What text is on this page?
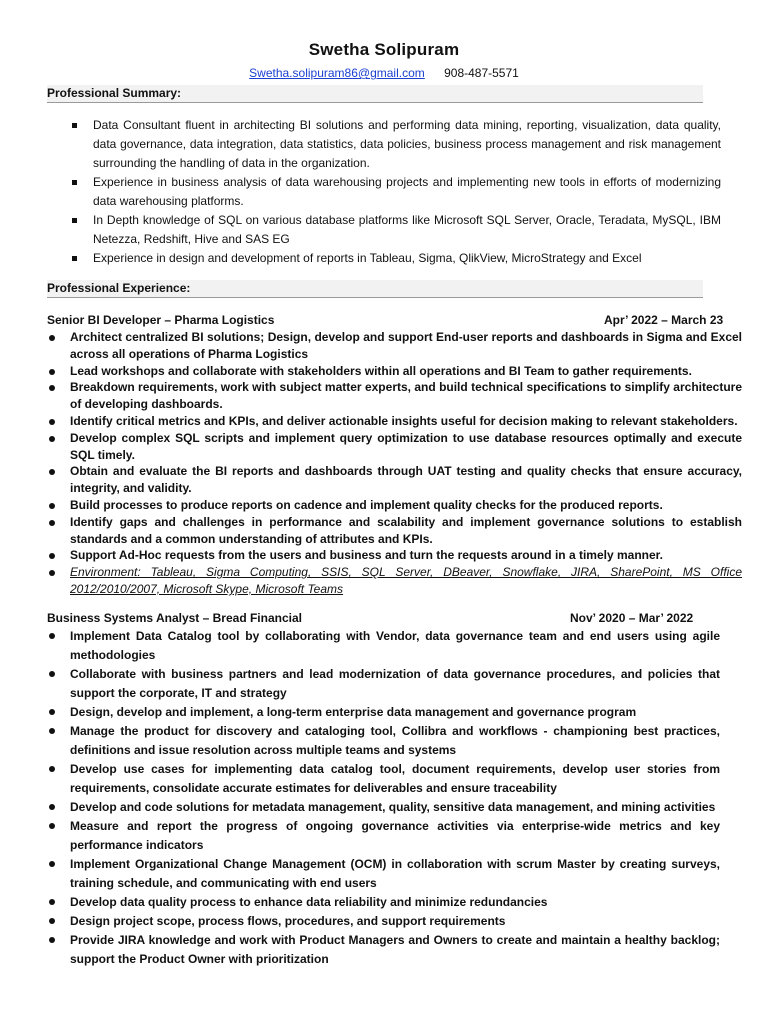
Swetha Solipuram
Swetha.solipuram86@gmail.com 908-487-5571
Professional Summary:
Data Consultant fluent in architecting BI solutions and performing data mining, reporting, visualization, data quality, data governance, data integration, data statistics, data policies, business process management and risk management surrounding the handling of data in the organization.
Experience in business analysis of data warehousing projects and implementing new tools in efforts of modernizing data warehousing platforms.
In Depth knowledge of SQL on various database platforms like Microsoft SQL Server, Oracle, Teradata, MySQL, IBM Netezza, Redshift, Hive and SAS EG
Experience in design and development of reports in Tableau, Sigma, QlikView, MicroStrategy and Excel
Professional Experience:
Senior BI Developer – Pharma Logistics	Apr’ 2022 – March 23
Architect centralized BI solutions; Design, develop and support End-user reports and dashboards in Sigma and Excel across all operations of Pharma Logistics
Lead workshops and collaborate with stakeholders within all operations and BI Team to gather requirements.
Breakdown requirements, work with subject matter experts, and build technical specifications to simplify architecture of developing dashboards.
Identify critical metrics and KPIs, and deliver actionable insights useful for decision making to relevant stakeholders.
Develop complex SQL scripts and implement query optimization to use database resources optimally and execute SQL timely.
Obtain and evaluate the BI reports and dashboards through UAT testing and quality checks that ensure accuracy, integrity, and validity.
Build processes to produce reports on cadence and implement quality checks for the produced reports.
Identify gaps and challenges in performance and scalability and implement governance solutions to establish standards and a common understanding of attributes and KPIs.
Support Ad-Hoc requests from the users and business and turn the requests around in a timely manner.
Environment: Tableau, Sigma Computing, SSIS, SQL Server, DBeaver, Snowflake, JIRA, SharePoint, MS Office 2012/2010/2007, Microsoft Skype, Microsoft Teams
Business Systems Analyst – Bread Financial	Nov’ 2020 – Mar’ 2022
Implement Data Catalog tool by collaborating with Vendor, data governance team and end users using agile methodologies
Collaborate with business partners and lead modernization of data governance procedures, and policies that support the corporate, IT and strategy
Design, develop and implement, a long-term enterprise data management and governance program
Manage the product for discovery and cataloging tool, Collibra and workflows - championing best practices, definitions and issue resolution across multiple teams and systems
Develop use cases for implementing data catalog tool, document requirements, develop user stories from requirements, consolidate accurate estimates for deliverables and ensure traceability
Develop and code solutions for metadata management, quality, sensitive data management, and mining activities
Measure and report the progress of ongoing governance activities via enterprise-wide metrics and key performance indicators
Implement Organizational Change Management (OCM) in collaboration with scrum Master by creating surveys, training schedule, and communicating with end users
Develop data quality process to enhance data reliability and minimize redundancies
Design project scope, process flows, procedures, and support requirements
Provide JIRA knowledge and work with Product Managers and Owners to create and maintain a healthy backlog; support the Product Owner with prioritization
